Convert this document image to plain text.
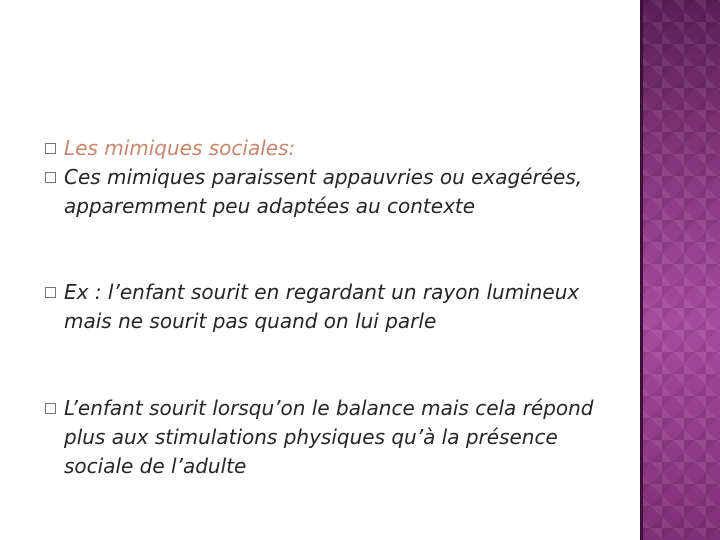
Les mimiques sociales:
Ces mimiques paraissent appauvries ou exagérées, apparemment peu adaptées au contexte
Ex : l’enfant sourit en regardant un rayon lumineux mais ne sourit pas quand on lui parle
L’enfant sourit lorsqu’on le balance mais cela répond plus aux stimulations physiques qu’à la présence sociale de l’adulte
